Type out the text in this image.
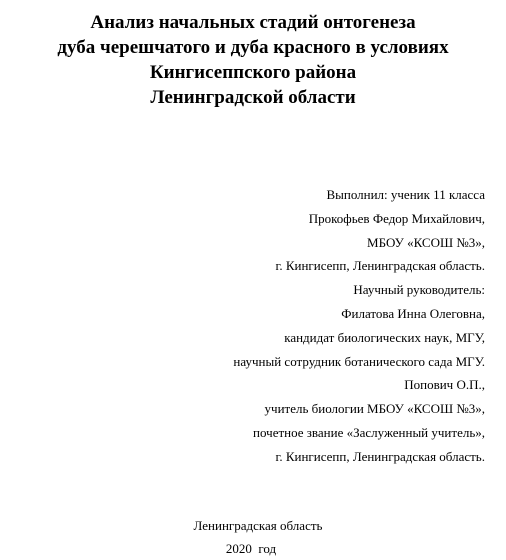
Анализ начальных стадий онтогенеза
дуба черешчатого и дуба красного в условиях
Кингисеппского района
Ленинградской области
Выполнил: ученик 11 класса
Прокофьев Федор Михайлович,
МБОУ «КСОШ №3»,
г. Кингисепп, Ленинградская область.
Научный руководитель:
Филатова Инна Олеговна,
кандидат биологических наук, МГУ,
научный сотрудник ботанического сада МГУ.
Попович О.П.,
учитель биологии МБОУ «КСОШ №3»,
почетное звание «Заслуженный учитель»,
г. Кингисепп, Ленинградская область.
Ленинградская область
2020  год
